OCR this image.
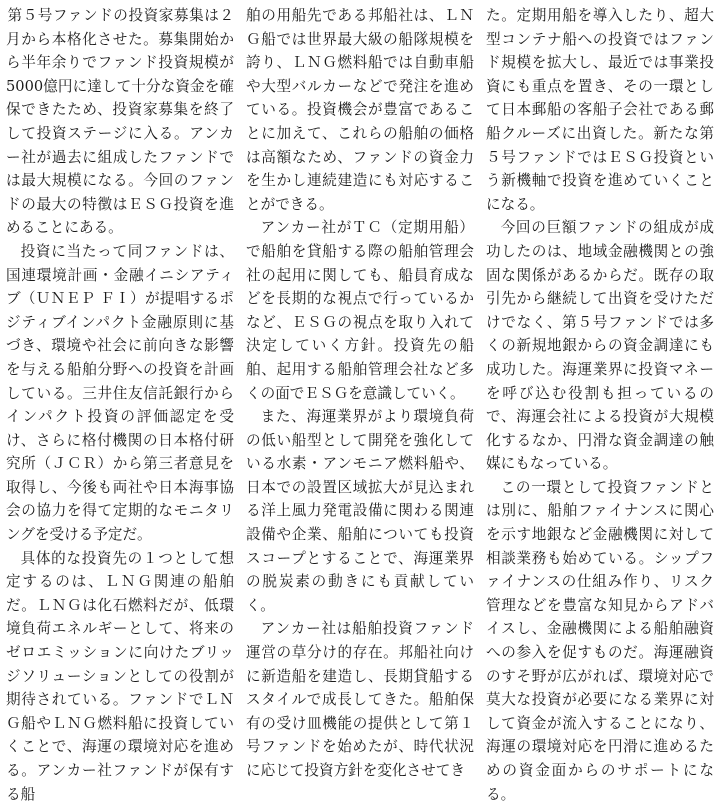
第５号ファンドの投資家募集は２月から本格化させた。募集開始から半年余りでファンド投資規模が5000億円に達して十分な資金を確保できたため、投資家募集を終了して投資ステージに入る。アンカー社が過去に組成したファンドでは最大規模になる。今回のファンドの最大の特徴はＥＳＧ投資を進めることにある。

投資に当たって同ファンドは、国連環境計画・金融イニシアティブ（ＵＮＥＰ ＦＩ）が提唱するポジティブインパクト金融原則に基づき、環境や社会に前向きな影響を与える船舶分野への投資を計画している。三井住友信託銀行からインパクト投資の評価認定を受け、さらに格付機関の日本格付研究所（ＪＣＲ）から第三者意見を取得し、今後も両社や日本海事協会の協力を得て定期的なモニタリングを受ける予定だ。

具体的な投資先の１つとして想定するのは、ＬＮＧ関連の船舶だ。ＬＮＧは化石燃料だが、低環境負荷エネルギーとして、将来のゼロエミッションに向けたブリッジソリューションとしての役割が期待されている。ファンドでＬＮＧ船やＬＮＧ燃料船に投資していくことで、海運の環境対応を進める。アンカー社ファンドが保有する船

舶の用船先である邦船社は、ＬＮＧ船では世界最大級の船隊規模を誇り、ＬＮＧ燃料船では自動車船や大型バルカーなどで発注を進めている。投資機会が豊富であることに加えて、これらの船舶の価格は高額なため、ファンドの資金力を生かし連続建造にも対応することができる。

アンカー社がＴＣ（定期用船）で船舶を貸船する際の船舶管理会社の起用に関しても、船員育成などを長期的な視点で行っているかなど、ＥＳＧの視点を取り入れて決定していく方針。投資先の船舶、起用する船舶管理会社など多くの面でＥＳＧを意識していく。

また、海運業界がより環境負荷の低い船型として開発を強化している水素・アンモニア燃料船や、日本での設置区域拡大が見込まれる洋上風力発電設備に関わる関連設備や企業、船舶についても投資スコープとすることで、海運業界の脱炭素の動きにも貢献していく。

アンカー社は船舶投資ファンド運営の草分け的存在。邦船社向けに新造船を建造し、長期貸船するスタイルで成長してきた。船舶保有の受け皿機能の提供として第１号ファンドを始めたが、時代状況に応じて投資方針を変化させてき

た。定期用船を導入したり、超大型コンテナ船への投資ではファンド規模を拡大し、最近では事業投資にも重点を置き、その一環として日本郵船の客船子会社である郵船クルーズに出資した。新たな第５号ファンドではＥＳＧ投資という新機軸で投資を進めていくことになる。

今回の巨額ファンドの組成が成功したのは、地域金融機関との強固な関係があるからだ。既存の取引先から継続して出資を受けただけでなく、第５号ファンドでは多くの新規地銀からの資金調達にも成功した。海運業界に投資マネーを呼び込む役割も担っているので、海運会社による投資が大規模化するなか、円滑な資金調達の触媒にもなっている。

この一環として投資ファンドとは別に、船舶ファイナンスに関心を示す地銀など金融機関に対して相談業務も始めている。シップファイナンスの仕組み作り、リスク管理などを豊富な知見からアドバイスし、金融機関による船舶融資への参入を促すものだ。海運融資のすそ野が広がれば、環境対応で莫大な投資が必要になる業界に対して資金が流入することになり、海運の環境対応を円滑に進めるための資金面からのサポートになる。
